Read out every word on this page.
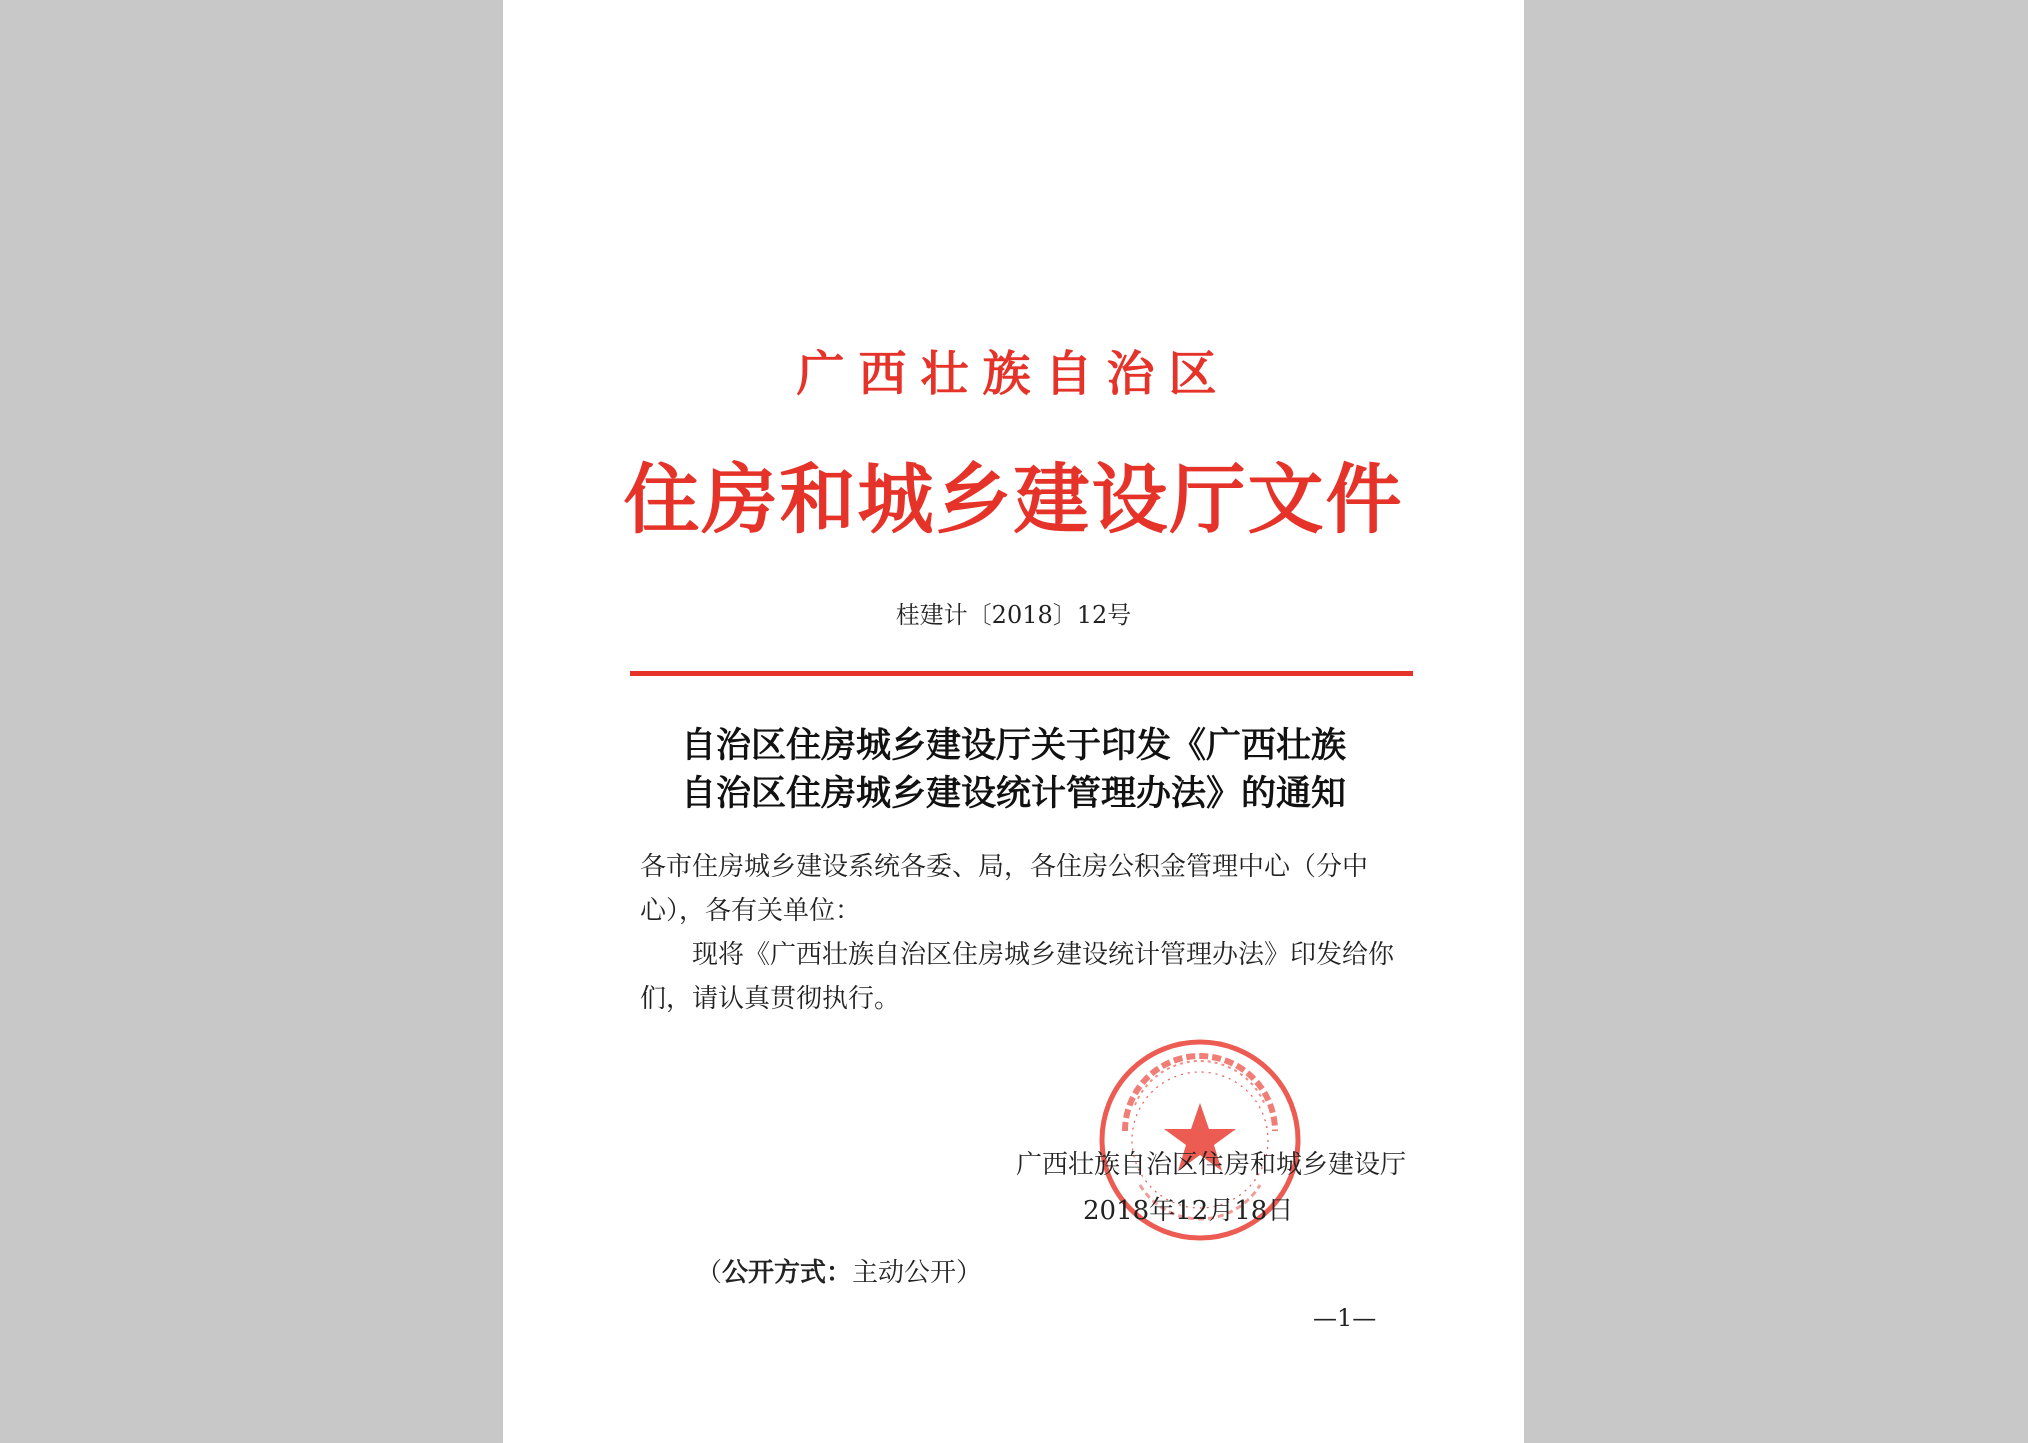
广西壮族自治区
住房和城乡建设厅文件
桂建计〔2018〕12号
自治区住房城乡建设厅关于印发《广西壮族
自治区住房城乡建设统计管理办法》的通知

各市住房城乡建设系统各委、局，各住房公积金管理中心（分中心），各有关单位：

现将《广西壮族自治区住房城乡建设统计管理办法》印发给你们，请认真贯彻执行。

广西壮族自治区住房和城乡建设厅
2018年12月18日
（公开方式：主动公开）
—1—
